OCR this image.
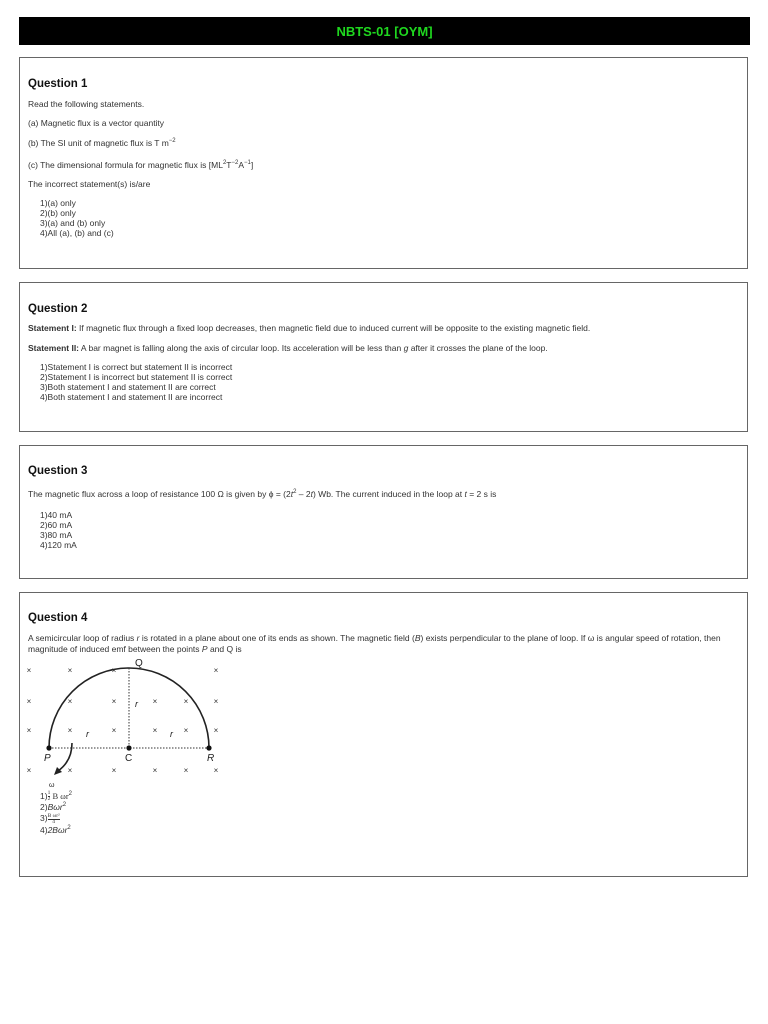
NBTS-01 [OYM]
Question 1
Read the following statements.
(a) Magnetic flux is a vector quantity
(b) The SI unit of magnetic flux is T $m^{-2}$
(c) The dimensional formula for magnetic flux is $[ML^2T^{-2}A^{-1}]$
The incorrect statement(s) is/are
1)(a) only
2)(b) only
3)(a) and (b) only
4)All (a), (b) and (c)
Question 2
Statement I: If magnetic flux through a fixed loop decreases, then magnetic field due to induced current will be opposite to the existing magnetic field.
Statement II: A bar magnet is falling along the axis of circular loop. Its acceleration will be less than g after it crosses the plane of the loop.
1)Statement I is correct but statement II is incorrect
2)Statement I is incorrect but statement II is correct
3)Both statement I and statement II are correct
4)Both statement I and statement II are incorrect
Question 3
The magnetic flux across a loop of resistance 100 Ω is given by $\phi = (2t^2 - 2t)$ Wb. The current induced in the loop at t = 2 s is
1)40 mA
2)60 mA
3)80 mA
4)120 mA
Question 4
A semicircular loop of radius r is rotated in a plane about one of its ends as shown. The magnetic field (B) exists perpendicular to the plane of loop. If ω is angular speed of rotation, then magnitude of induced emf between the points P and Q is
×	×	×	×
×	×	×	×	×	×
×	×	×	×	×	×
×	×	×	×	×	×
Q
r
r	r
P	C	R
ω
$1) \frac{1}{2}$ B $\omega r^2$
2)Bωr$^2$
$3) \frac{\text{B ωr²}}{4}$
4)2Bωr$^2$
